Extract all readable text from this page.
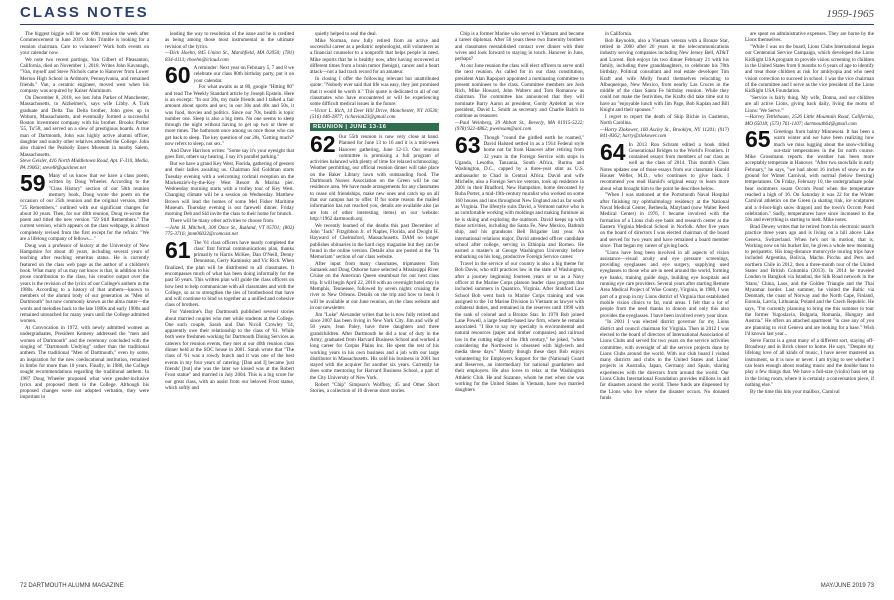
CLASS NOTES	1959-1965

The biggest biggie will be our 60th reunion the week after Commencement in June 2019. John Trimble is looking for a reunion chairman. Care to volunteer? Work both events on your calendar now.

We note two recent partings, Van Gilbert of Pleasanton, California, died on November 1, 2018. Writes John Kavanagh, "Van, myself and Steve Nichols came to Hanover from Lower Merion High School in Ardmore, Pennsylvania, and remained friends." Van, a ceramic engineer, moved west when his company was acquired by Kaiser Aluminum.

On December 8, 2018, we lost John Parker of Manchester, Massachusetts, to Alzheimer's, says wife Libby. A Turk graduate and Delta Tau Delta brother, John grew up in Woburn, Massachusetts, and eventually formed a successful Boston investment company with his brother. Brooks Parker '55, Tu'58, and served on a slew of prestigious boards. A true man of Dartmouth, John was highly active alumni officer, daughter and sundry other relatives attended the College. John also chaired the Peabody Essex Museum in nearby Salem, Massachusetts.

Steve Geisler, 416 North Middletown Road, Apt. F-310, Media, PA 19063; stevel8@quicknet.net

59 Many of us know that we have a class poem, written by Doug Wheeler. According to the "Class History" section of our 50th reunion memory book, Doug wrote the poem on the occasion of our 25th reunion and the original version, titled "25 Remembers," outlined with our significant changes for about 30 years. Then, for our 40th reunion, Doug re-wrote the poem and titled the new version "59 Still Remembers." The current version, which appears on the class webpage, is almost completely revised from the first except for the refrain: "We are a lifelong company of fellows...."

Doug was a professor of history at the University of New Hampshire for about 40 years, including several years of teaching after reaching emeritus status. He is currently featured on the class web page as the author of a children's book. What many of us may not know is that, in addition to his prose contribution to the class, his creative output over the years is the revision of the lyrics of our College's anthem in the 1980s. According to a history of that anthem—known to members of the alumni body of our generation as "Men of Dartmouth" but now commonly known as the alma mater—the words and melodies back to the late 1800s and early 1900s and remained unreached for many years until the College admitted women.

At Convocation in 1972, with newly admitted women as undergraduates, President Kemeny addressed the "men and women of Dartmouth" and the ceremony concluded with the singing of "Dartmouth Undying" rather than the traditional anthem. The traditional "Men of Dartmouth," even by some, an inspiration for the new coeducational institution, remained in limbo for more than 10 years. Finally, in 1988, the College sought recommendations regarding the traditional anthem. In 1987 Doug Wheeler proposed what were gender-inclusive lyrics and proposed them to the College. Although his proposed changes were not adopted verbatim, they were important in

leading the way to resolution of the issue and he is credited as being among those most instrumental in the ultimate revision of the lyrics.

—Dick Hoehn, 845 Union St., Marshfield, MA 02050; (781) 834-4113; rhoehn@icloud.com

60 A reminder: Next year on February 5, 7 and 8 we celebrate our class 80th birthday party, put it on your calendar.

For what awaits us at 80, google "Hitting 80" and read The Weekly Standard article by Joseph Epstein. Here is an excerpt: "In our 20s, my male friends and I talked a fair amount about sports and sex; in our 30s and 40s and 50s, it was food, movies and politics. Since our 70s, health is topic number one. Sleep is also a big item. No one seems to sleep through the night without having to get up two or three or more times. The bathroom once among us once those who can get back to sleep. The key question of our 20s, 'Getting much?' now refers to sleep, not sex."

And Dave Harrison writes: "Some say it's your eyesight that goes first, others say hearing. I say it's parallel parking."

But we have a grand Key West, Florida, gathering of geezers and their ladies awaiting us. Chairman Sid Goldman starts Tuesday evening with a welcoming cocktail reception on the Mackenzie's-by-the-Key West Resort & Marina pier. Wednesday morning starts with a trolley tour of Key West. Changing climate will be a session on Wednesday. Matthew Brown will lead the homes of some Mel Fisher Maritime Museum. Thursday evening is our farewell dinner. Friday morning Deb and Sid invite the class to their home for brunch.

There will be many other activities to choose from.

—John H. Mitchell, 300 Once St., Rutland, VT 05701; (802) 775-3716; jmm06032@comcast.net

61 The '61 class officers have nearly completed the class' first formal communications plan, thanks primarily to Harris McKee, Dan O'Neill, Denny Denniston, Gerry Kaminsky and Vic Rich. When finalized, the plan will be distributed to all classmates. It encompasses much of what has been doing informally for the past 56 years. This written plan will guide the class officers on how best to help communicate with all classmates and with the College, so as to strengthen the ties of brotherhood that have and will continue to bind us together as a unified and cohesive class of brothers.

For Valentine's Day Dartmouth published several stories about married couples who met while students at the College. One such couple, Sarah and Dan Nicoll Crowley '14, apparently owe their relationship to the class of '61. While both were freshmen working for Dartmouth Dining Services as caterers for reunion events, they met at our 40th reunion class dinner held at the SOC house in 2001. Sarah wrote that "The class of '61 was a rowdy bunch and it was one of the best events in my four years of catering. [Dan and I] became 'just friends' [but] she was the later we kissed was at the Robert Frost statue" and married in July 2004. This is a big score for our great class, with an assist from our beloved Frost statue, which softly and

quietly helped to seal the deal.

Mike Norman, now fully retired from an active and successful career as a pediatric nephrologist, still volunteers as a financial counselor to a nonprofit that helps people in need. Mike reports that he is healthy now, after having recovered at different times from a brain tumor (benign), cancer and a heart attack—not a bad track record for an amateur.

In closing I offer the following relevant but unattributed quote: "Nobody ever said that life was easy, they just promised that it would be worth it." This quote is dedicated to all of our classmates who have encountered or will be experiencing some difficult medical issues in the future.

—Victor L. Rich, 14 Deer Hill Drive, Manchester, NY 10530; (516) 446-2877; richavian23@gmail.com

REUNION | JUNE 13-16

62 Our 55th reunion is now very close at hand. Planned for June 13 to 16 and it is a mid-week Hanover gathering, June 12-13. Our reunion committee is promising a full program of activities balanced with plenty of time for relaxed schmoozing. Weather permitting, our official reunion dinner will take place on the Baker Library lawn with outstanding food. The Dartmouth Nurses Association on the Green will be our residence area. We have made arrangements for any classmates to cease old friendships, make new ones and catch up on all that our campus has to offer. If for some reason the mailed information has not reached you, details are available also (as are lots of other interesting items) on our website: http://1962.dartmouth.org

We recently learned of the deaths this past December of John "Jack" Fitzgibbon Jr. of Naples, Florida, and Dwight H. Hayward of Chelmsford, Massachusetts. DAM no longer publishes obituaries in the hard copy magazine but they can be found in the online version. Details also are posted at the "In Memoriam" section of our class website.

After input from many classmates, tripmasters Tom Samarek and Doug Osborne have selected a Mississippi River Cruise on the American Queen steamboat for our next class trip. It will begin April 22, 2018 with an overnight hotel stay in Memphis, Tennessee, followed by seven nights cruising the river to New Orleans. Details on the trip and how to book it will be available at our June reunion, on the class website and in our newsletter.

Jim "Luke" Alexander writes that he is now fully retired and since 2007 has been living in New York City. Jim and wife of 50 years, Jean Paley, have three daughters and three grandchildren. After Dartmouth he did a tour of duty in the Army, graduated from Harvard Business School and worked a long career for Corpus Plains Inc. He spent the rest of his working years in his own business and a job with our large distributor in Massachusetts. His sold his business in 2001 but stayed with the acquirer for another six years. Currently he does some mentoring for Harvard Business School, a part of the City University of New York.

Robert "Chip" Simpson's Wolfboy, 45 and Other Short Stories, a collection of 10 diverse short stories.

Chip is a former Marine who served in Vietnam and became a career diplomat. After 50 years these two fraternity brothers and classmates reestablished contact over dinner with their wives and look forward to staying in touch. Hanover in June, perhaps?

At our June reunion the class will elect officers to serve until the next reunion. As called for in our class constitution, president Alan Rapoport appointed a nominating committee to present nominees to the class. Committee members are Josh Rich, Mike Howard, John Walters and Tom Romanow as chairman. The committee has announced that they will nominate Barry Aaron as president, Gordy Aydelott as vice president, David L. Smith as secretary and Charlie Balch to continue as treasurer.

—Paul Weinberg, 39 Abbott St., Beverly, MA 01915-5222; (978) 922-4862; pweinsam@aol.com

63 Though "round the girdled earth he roamed," David Halsted settled in as a 1914 Federal style home not far from Hanover after retiring from 32 years in the Foreign Service with stops in Uganda, Lesotho, Tanzania, South Africa, Burma and Washington, D.C., capped by a three-year stint as U.S. ambassador to Chad in Central Africa. David and wife Michelle, also a Foreign Service veteran, took up residence in 2001 in their Bradford, New Hampshire, home decorated by Ruba Porter, a mid-19th-century muralist who worked on some 160 houses and inns throughout New England and as far south as Virginia. The lifestyle suits David, a Vermont native who is as comfortable working with moldings and making furniture as he is skiing and exploring the outdoors. David keeps up with those activities, including the Santa Fe, New Mexico, Bathtub ship, and his grandsons Bell Brigame last year. An international relations major, David attended officer candidate school after college, serving in Ethiopia and Borneo. He earned a master's at George Washington University before embarking on his long, productive Foreign Service career.

Travel in the service of our country is also a big theme for Bob Davis, who still practices law in the state of Washington, after a journey beginning fourteen years or so as a Navy officer at the Marine Corps platoon leader class program that included summers in Quantico, Virginia. After Stanford Law School Bob went back to Marine Corps training and was assigned to the 1st Marine Division in Vietnam as lawyer with collateral duties, and remained in the reserves until 1990 with the rank of colonel and a Bronze Star. In 1970 Bob joined Lane Powell, a large Seattle-based law firm, where he remains associated. "I like to say my specialty is environmental and natural resources (paper and timber companies) and railroad law in the cutting edge of the 19th century," he joked, "when considering the Northwest is obsessed with high-tech and media these days." Mostly though these days Bob enjoys volunteering for Employers Support for the (National) Guard and Reserves, an intermediary for national guardsmen and their employers. He also loves to relax at the Washington Athletic Club. He and Suzanne, whom he met when she was working for the United States in Vietnam, have two married daughters

in California.

Bob Reynolds, also a Vietnam veteran with a Bronze Star, retired in 2000 after 26 years in the telecommunications industry serving companies including New Jersey Bell, AT&T and Lucent. Bob enjoys his two dinner February 21 with his family, including three granddaughters, to celebrate his 78th birthday. Political consultant and real estate developer Tim Kraft and wife Molly found themselves relocating to Albuquerque, New Mexico, from nearby Las Cruces in the middle of the class Santa Fe birthday reunion. While they could not make the festivities, the Krafts did take time out to have an "enjoyable lunch with Jim Page, Bob Kaplan and Bill Knight and their spouses."

I regret to report the death of Skip Richie in Castleton, North Carolina.

—Harry Zlokower, 160 Ascley St., Brooklyn, NY 11201; (917) 841-8362; harry@zlokower.com

64 In 2013 Ron Schram edited a book titled Generational Bridges to the World's Frontiers. It contained essays from members of our class as well as the class of 2014. This month's Class Notes updates one of those essays from our classmate Harold Houser Weller, M.D., who continues to give back. I recommend you read Harold's original essay to learn more about what brought him to the point he describes below.

"When I was stationed at the Portsmouth Naval Hospital after finishing my ophthalmology residency at the National Naval Medical Center, Bethesda, Maryland (now Walter Reed Medical Center) in 1976, I became involved with the formation of a Lions club eye bank and research center at the Eastern Virginia Medical School in Norfolk. After five years on the board of directors I was elected chairman of the board and served for two years and have remained a board member since. That began my career of giving back.

"Lions have long been involved in all aspects of vision assistance—visual acuity and eye pressure screenings, providing eyeglasses and eye surgery, supplying used eyeglasses to those who are in need around the world, forming eye banks, training guide dogs, building eye hospitals and running eye care providers. Several years after starting Remote Area Medical Project of Wise County, Virginia, in 1980, I was part of a group in my Lions district of Virginia that established mobile vision clinics to far, rural areas. I felt that a lot of people from the need thanks to donors and only this also provides the eyeglasses. I have been involved every year since.

"In 2001 I was elected district governor for my Lions district and council chairman for Virginia. Then in 2012 I was elected to the board of directors of International Association of Lions Clubs and served for two years on the service activities committee, with oversight of all the service projects done by Lions Clubs around the world. With our club board I visited many districts and clubs in the United States and Lions' projects in Australia, Japan, Germany and Spain, sharing experiences with the directors from around the world. Our Lions Clubs International Foundation provides millions in aid for disasters around the world. These funds are dispensed by the Lions who live where the disaster occurs. No donated funds

are spent on administrative expenses. They are borne by the Lions themselves.

"While I was on the board, Lions Clubs International began our Centennial Service Campaign, which developed the Lions KidSight USA program to provide vision screening to children in the United States from 6 months to 6 years of age to identify and treat those children at risk for amblyopia and who need vision correction to succeed in school. I was the vice chairman of the committee and I serve as the vice president of the Lions KidSight USA Foundation.

"Service is fairly thing. My wife, Donna, and our children are all active Lions, giving back daily, living the motto of Lions: 'We Serve.'"

—Harvey Tettlebaum, 2526 Little Mountain Road, California, MO 65018; (573) 761-1107; dartmouth64@gmail.com

65 Greetings from balmy Minnesota. It has been a warm winter and we have been realizing how much we miss lugging about the snow-chilling out-stair temperatures in the far north course. Mike Grossmann reports the weather has been more acceptably temperate in Hanover. "After two snowfalls in early February," he says, "we had about 16 inches of snow on the ground for Winter Carnival, with normal (below freezing) temperatures. On Friday, February 10, the undergraduate polar bear swimmers swam Occom Pond when the temperature reached a high of 16. On Saturday it was 22 for the Winter Carnival athletics on the Green (a skating rink, ice sculptures and a 4-foot-high snow dragon) and the town's Occom Pond celebration." Sadly, temperatures have since increased to the 50s and everything is starting to melt. Mike notes.

Brad Dewey writes that he retired from his electronic search practice three years ago and is living on a hill above Lake Geneva, Switzerland. When he's not in motion, that is. Working now on his bucket list, he gives a whole new meaning to peripatetic. His long-distance motorcycle touring trips have included Argentina, Bolivia, Machu Picchu and Peru and northern Chile in 2012, then a three-month tour of the United States and British Columbia (2013). In 2014 he traveled London to Bangkok via Istanbul, the Silk Road network in the 'Stans,' China, Laos, and the Golden Triangle and the Thai Myanmar border. Last summer, he visited the Baltic via Denmark, the coast of Norway and the North Cape, Finland, Estonia, Latvia, Lithuania, Poland and the Czech Republic. He says, "I'm currently planning to bring me this summer to tour the former Yugoslavia, Bulgaria, Romania, Hungary and Austria." He offers an attached apartment "in case any of you are planning to visit Geneva and are looking for a base." Wish I'd known last year...

Steve Farrar is a great many of a different sort, staying off-Broadway and in Brick closer to home. He says, "Despite my lifelong love of all kinds of music, I have never mastered an instrument, so it is now or never. I am trying to see whether I can learn enough about reading music and the double bass to play a few things that. We have a full-size (violin) bass set up in the living room, where it is certainly a conversation piece, if nothing else."

By the time this hits your mailbox, Carnival

72 DARTMOUTH ALUMNI MAGAZINE	MAY/JUNE 2019 73
